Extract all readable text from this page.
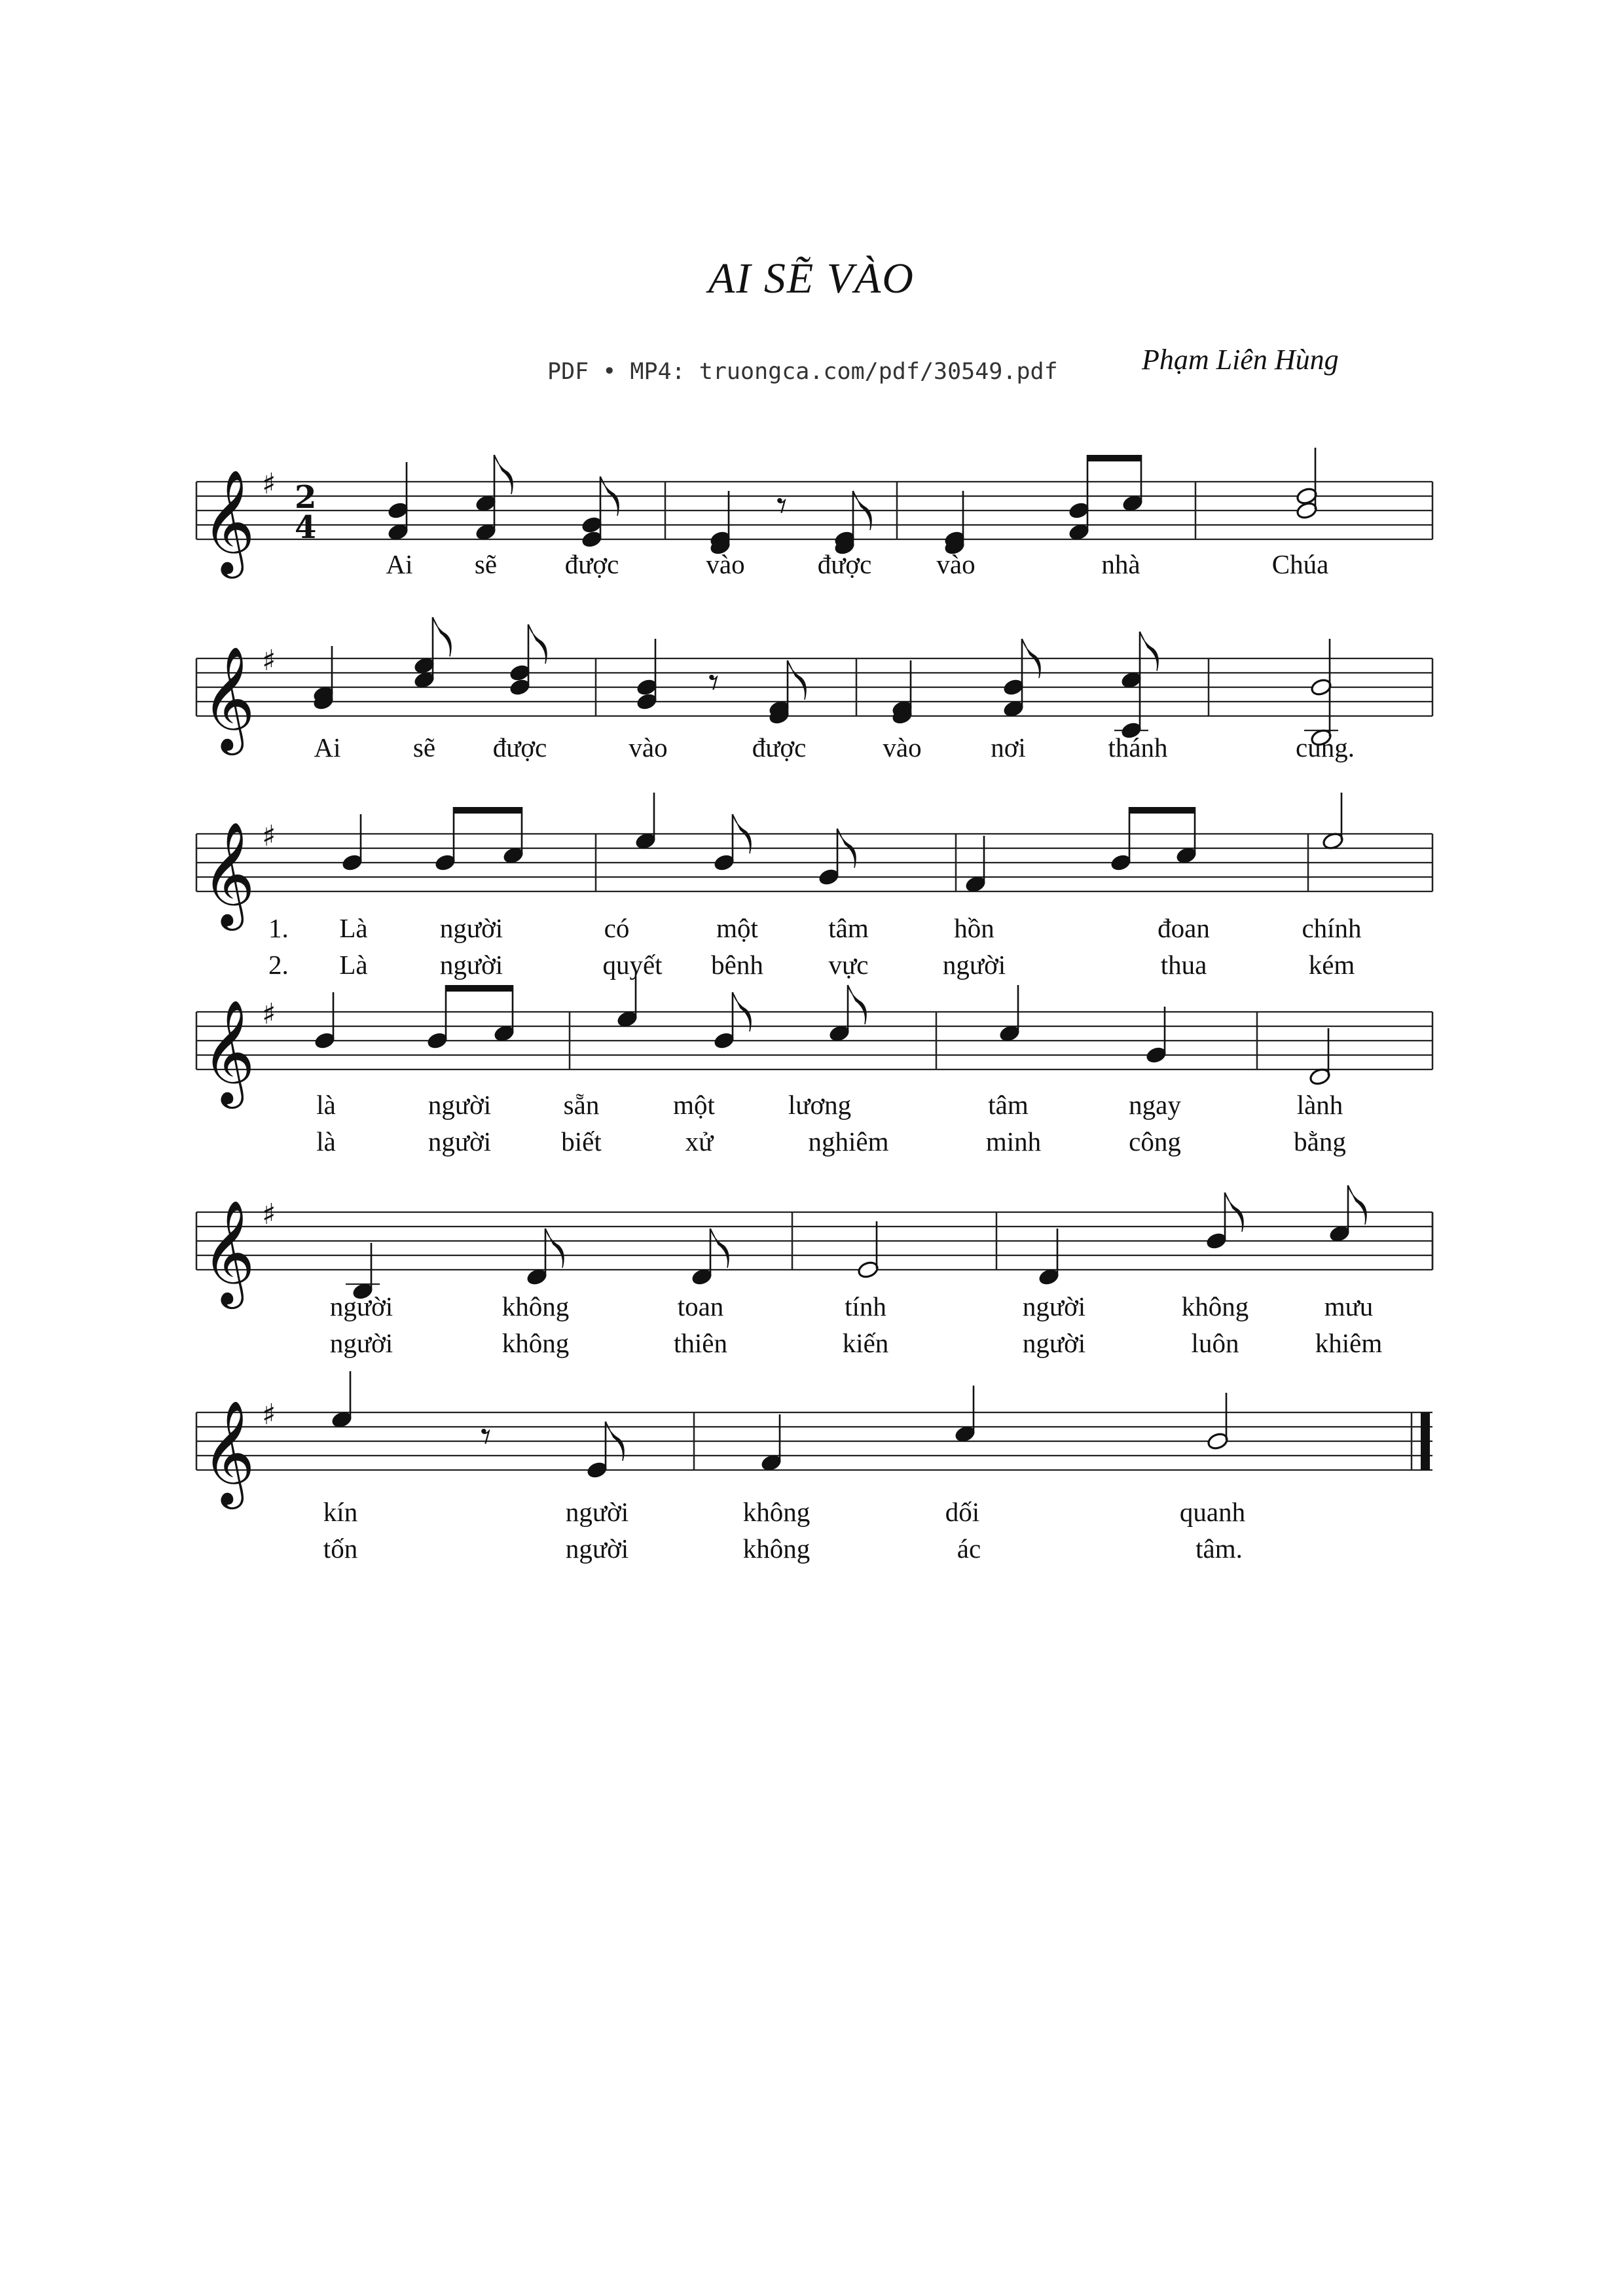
AI SẼ VÀO
PDF • MP4: truongca.com/pdf/30549.pdf	Phạm Liên Hùng
𝄞 ♯ 2
4	𝄾
𝄞 ♯	𝄾
𝄞 ♯
𝄞 ♯
𝄞 ♯
𝄞 ♯	𝄾
Ai sẽ	được	vào	được vào	nhà	Chúa
Ai	sẽ được	vào	được	vào	nơi	thánh	cung.
Là	người	có	một	tâm	hồn	đoan	chính
Là	người	quyết bênh vực	người	thua	kém
1.
2.
là	người	sẵn	một	lương	tâm	ngay	lành
là	người	biết	xử	nghiêm	minh	công	bằng
người	không	toan	tính	người	không	mưu
người	không	thiên	kiến	người	luôn	khiêm
kín	người	không	dối	quanh
tốn	người	không	ác	tâm.
